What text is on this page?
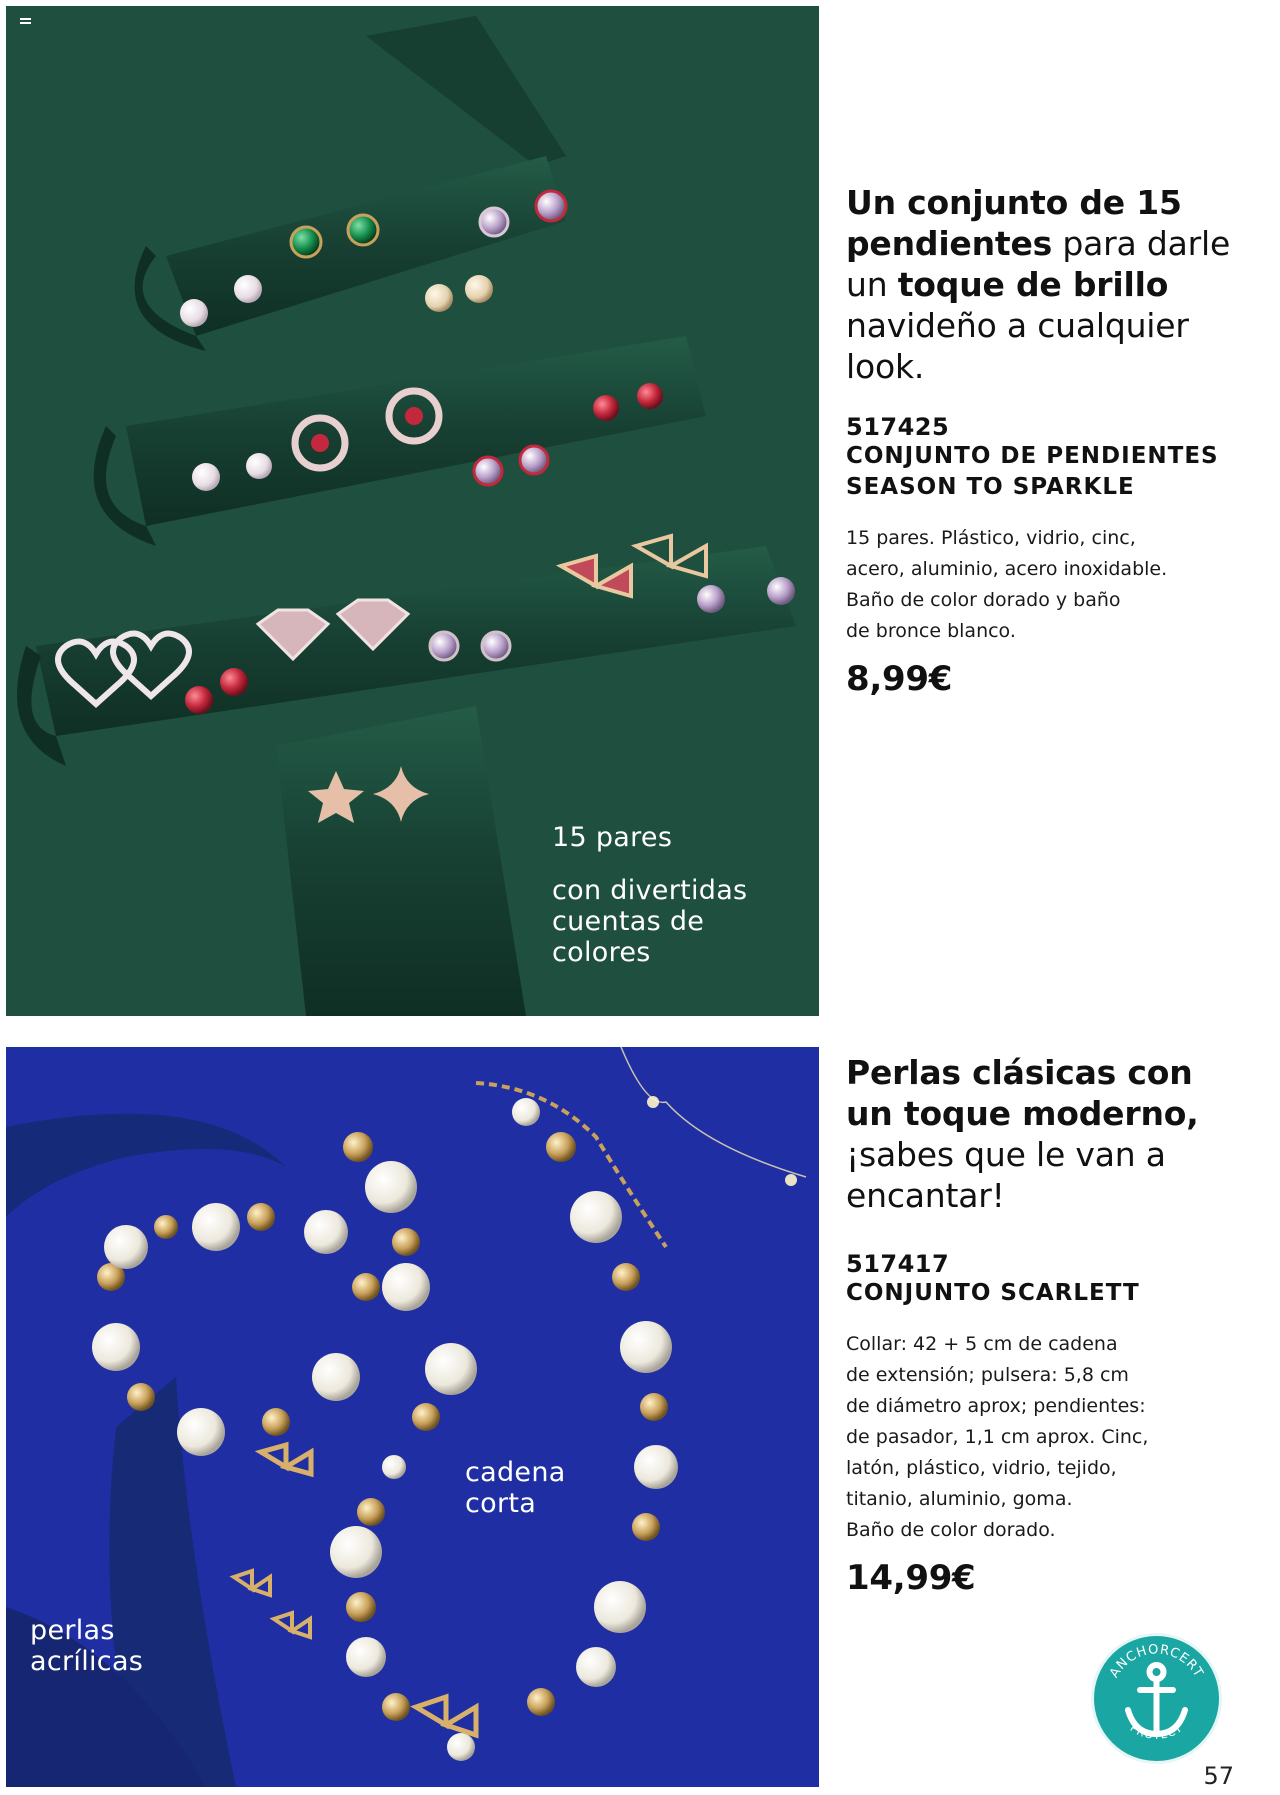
15 pares
con divertidas
cuentas de
colores
Un conjunto de 15 pendientes para darle un toque de brillo navideño a cualquier look.
517425
CONJUNTO DE PENDIENTES
SEASON TO SPARKLE
15 pares. Plástico, vidrio, cinc,
acero, aluminio, acero inoxidable.
Baño de color dorado y baño
de bronce blanco.
8,99€
cadena
corta
perlas
acrílicas
Perlas clásicas con un toque moderno, ¡sabes que le van a encantar!
517417
CONJUNTO SCARLETT
Collar: 42 + 5 cm de cadena
de extensión; pulsera: 5,8 cm
de diámetro aprox; pendientes:
de pasador, 1,1 cm aprox. Cinc,
latón, plástico, vidrio, tejido,
titanio, aluminio, goma.
Baño de color dorado.
14,99€
ANCHORCERT
PROTECT
57
